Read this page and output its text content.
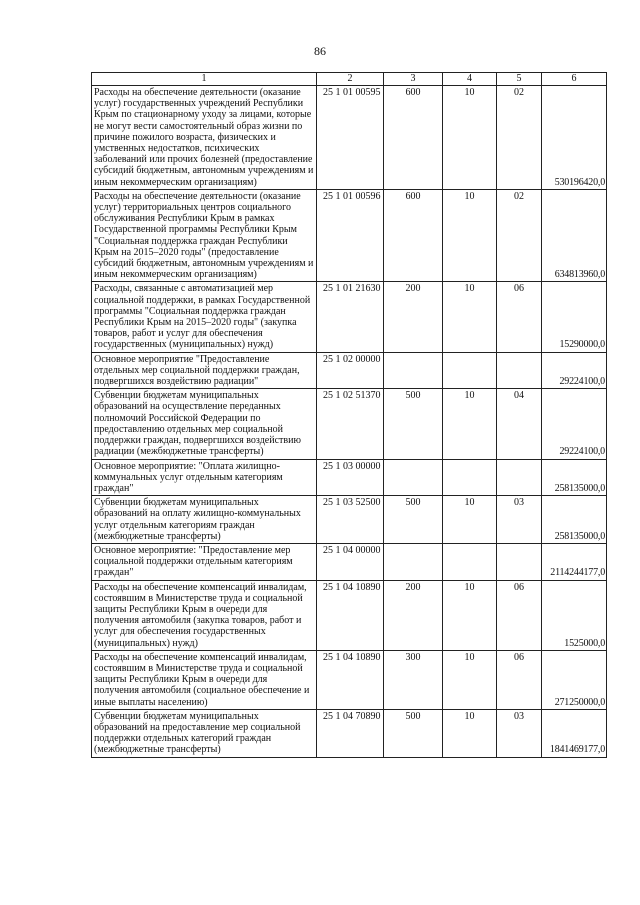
86
1	2	3	4	5	6
Расходы на обеспечение деятельности (оказание услуг) государственных учреждений Республики Крым по стационарному уходу за лицами, которые не могут вести самостоятельный образ жизни по причине пожилого возраста, физических и умственных недостатков, психических заболеваний или прочих болезней (предоставление субсидий бюджетным, автономным учреждениям и иным некоммерческим организациям)	25 1 01 00595	600	10	02	530196420,0
Расходы на обеспечение деятельности (оказание услуг) территориальных центров социального обслуживания Республики Крым в рамках Государственной программы Республики Крым "Социальная поддержка граждан Республики Крым на 2015–2020 годы" (предоставление субсидий бюджетным, автономным учреждениям и иным некоммерческим организациям)	25 1 01 00596	600	10	02	634813960,0
Расходы, связанные с автоматизацией мер социальной поддержки, в рамках Государственной программы "Социальная поддержка граждан Республики Крым на 2015–2020 годы" (закупка товаров, работ и услуг для обеспечения государственных (муниципальных) нужд)	25 1 01 21630	200	10	06	15290000,0
Основное мероприятие "Предоставление отдельных мер социальной поддержки граждан, подвергшихся воздействию радиации"	25 1 02 00000				29224100,0
Субвенции бюджетам муниципальных образований на осуществление переданных полномочий Российской Федерации по предоставлению отдельных мер социальной поддержки граждан, подвергшихся воздействию радиации (межбюджетные трансферты)	25 1 02 51370	500	10	04	29224100,0
Основное мероприятие: "Оплата жилищно-коммунальных услуг отдельным категориям граждан"	25 1 03 00000				258135000,0
Субвенции бюджетам муниципальных образований на оплату жилищно-коммунальных услуг отдельным категориям граждан (межбюджетные трансферты)	25 1 03 52500	500	10	03	258135000,0
Основное мероприятие: "Предоставление мер социальной поддержки отдельным категориям граждан"	25 1 04 00000				2114244177,0
Расходы на обеспечение компенсаций инвалидам, состоявшим в Министерстве труда и социальной защиты Республики Крым в очереди для получения автомобиля (закупка товаров, работ и услуг для обеспечения государственных (муниципальных) нужд)	25 1 04 10890	200	10	06	1525000,0
Расходы на обеспечение компенсаций инвалидам, состоявшим в Министерстве труда и социальной защиты Республики Крым в очереди для получения автомобиля (социальное обеспечение и иные выплаты населению)	25 1 04 10890	300	10	06	271250000,0
Субвенции бюджетам муниципальных образований на предоставление мер социальной поддержки отдельных категорий граждан (межбюджетные трансферты)	25 1 04 70890	500	10	03	1841469177,0
